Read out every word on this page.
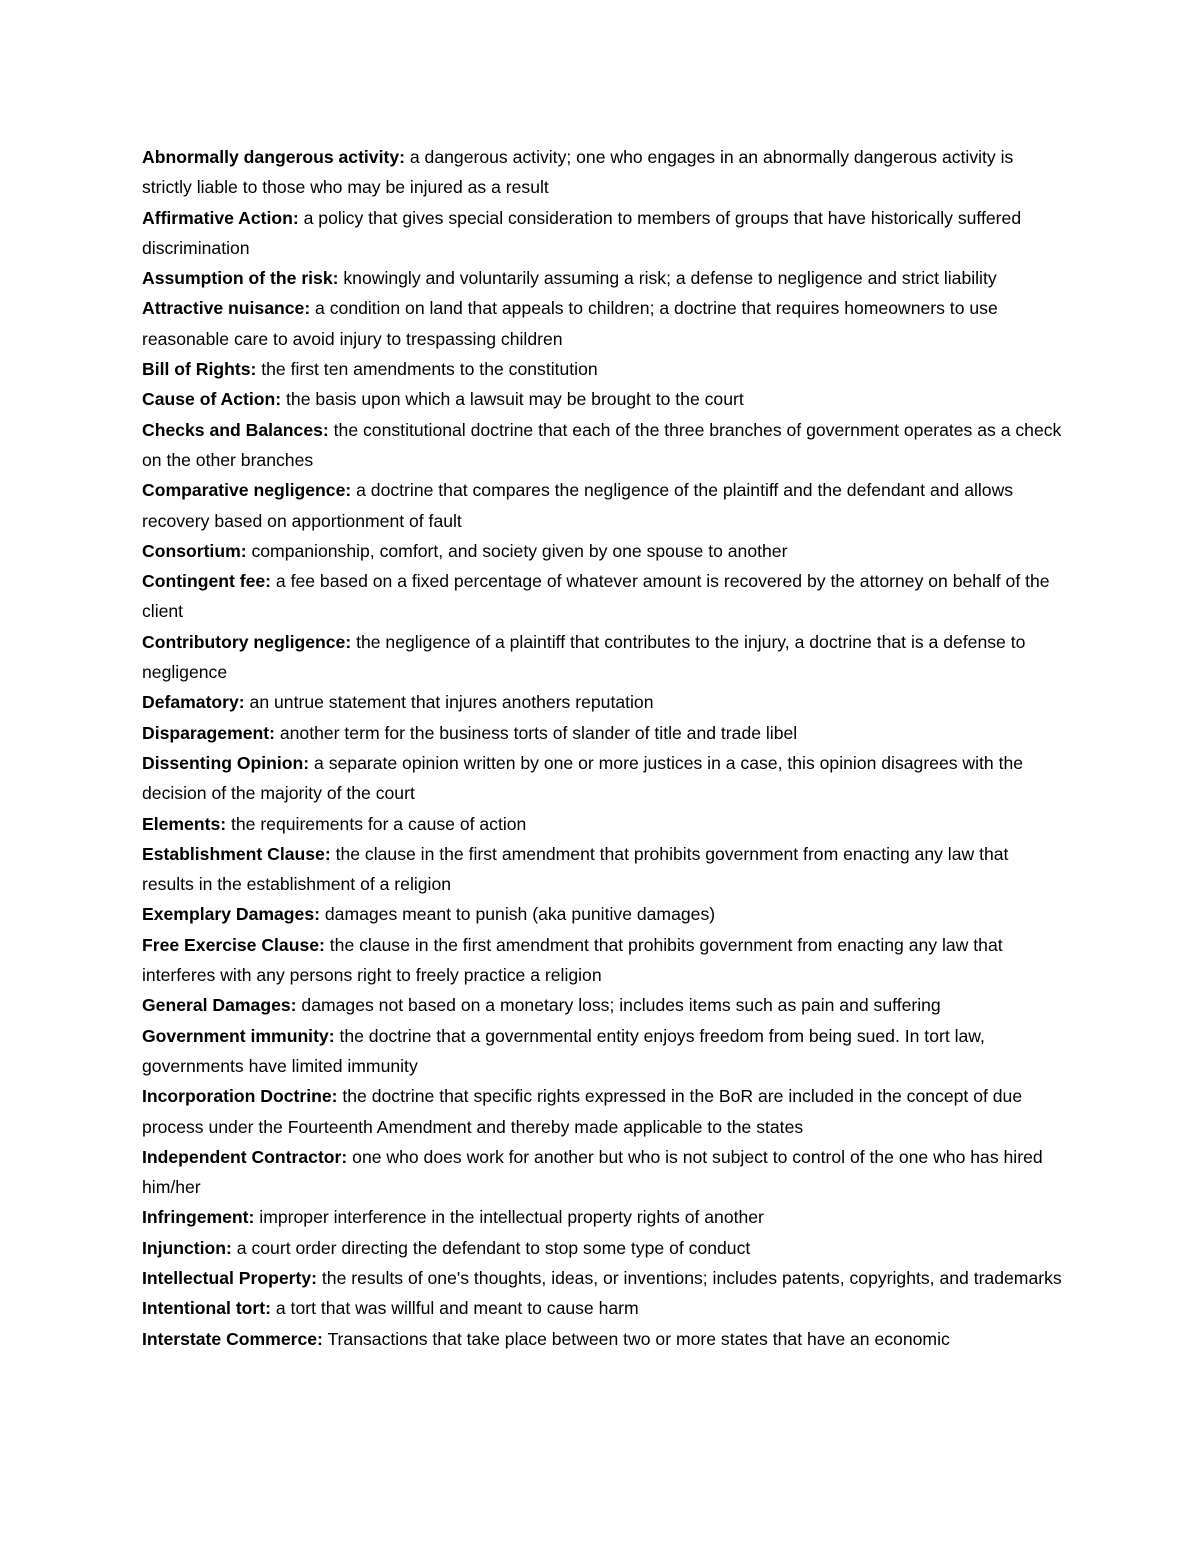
Abnormally dangerous activity: a dangerous activity; one who engages in an abnormally dangerous activity is strictly liable to those who may be injured as a result

Affirmative Action: a policy that gives special consideration to members of groups that have historically suffered discrimination

Assumption of the risk: knowingly and voluntarily assuming a risk; a defense to negligence and strict liability

Attractive nuisance: a condition on land that appeals to children; a doctrine that requires homeowners to use reasonable care to avoid injury to trespassing children

Bill of Rights: the first ten amendments to the constitution

Cause of Action: the basis upon which a lawsuit may be brought to the court

Checks and Balances: the constitutional doctrine that each of the three branches of government operates as a check on the other branches

Comparative negligence: a doctrine that compares the negligence of the plaintiff and the defendant and allows recovery based on apportionment of fault

Consortium: companionship, comfort, and society given by one spouse to another

Contingent fee: a fee based on a fixed percentage of whatever amount is recovered by the attorney on behalf of the client

Contributory negligence: the negligence of a plaintiff that contributes to the injury, a doctrine that is a defense to negligence

Defamatory: an untrue statement that injures anothers reputation

Disparagement: another term for the business torts of slander of title and trade libel

Dissenting Opinion: a separate opinion written by one or more justices in a case, this opinion disagrees with the decision of the majority of the court

Elements: the requirements for a cause of action

Establishment Clause: the clause in the first amendment that prohibits government from enacting any law that results in the establishment of a religion

Exemplary Damages: damages meant to punish (aka punitive damages)

Free Exercise Clause: the clause in the first amendment that prohibits government from enacting any law that interferes with any persons right to freely practice a religion

General Damages: damages not based on a monetary loss; includes items such as pain and suffering

Government immunity: the doctrine that a governmental entity enjoys freedom from being sued. In tort law, governments have limited immunity

Incorporation Doctrine: the doctrine that specific rights expressed in the BoR are included in the concept of due process under the Fourteenth Amendment and thereby made applicable to the states

Independent Contractor: one who does work for another but who is not subject to control of the one who has hired him/her

Infringement: improper interference in the intellectual property rights of another

Injunction: a court order directing the defendant to stop some type of conduct

Intellectual Property: the results of one's thoughts, ideas, or inventions; includes patents, copyrights, and trademarks

Intentional tort: a tort that was willful and meant to cause harm

Interstate Commerce: Transactions that take place between two or more states that have an economic
